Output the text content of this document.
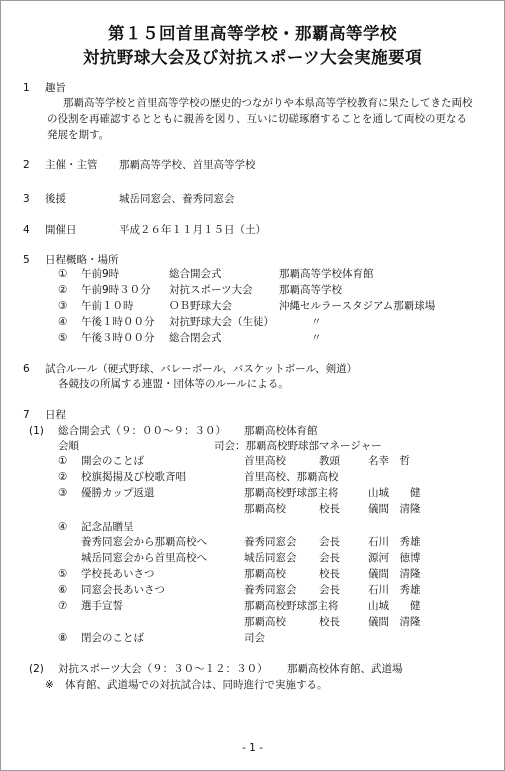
第１５回首里高等学校・那覇高等学校
対抗野球大会及び対抗スポーツ大会実施要項
1 趣旨
那覇高等学校と首里高等学校の歴史的つながりや本県高等学校教育に果たしてきた両校
の役割を再確認するとともに親善を図り、互いに切磋琢磨することを通して両校の更なる
発展を期す。
2 主催・主管 那覇高等学校、首里高等学校
3 後援	城岳同窓会、養秀同窓会
4 開催日	平成２６年１１月１５日（土）
5 日程概略・場所
① 午前9時	総合開会式	那覇高等学校体育館
② 午前9時３０分 対抗スポーツ大会	那覇高等学校
③ 午前１０時	ＯＢ野球大会	沖縄セルラースタジアム那覇球場
④ 午後１時００分 対抗野球大会（生徒）	〃
⑤ 午後３時００分 総合閉会式	〃
6 試合ルール（硬式野球、バレーボール、バスケットボール、剣道）
各競技の所属する連盟・団体等のルールによる。
7 日程
(1) 総合開会式（９：００～９：３０） 那覇高校体育館
会順	司会：那覇高校野球部マネージャー
① 開会のことば	首里高校	教頭	名幸　哲
② 校旗掲揚及び校歌斉唱	首里高校、那覇高校
③ 優勝カップ返還	那覇高校野球部主将	山城　　健
那覇高校	校長	儀間　清隆
④ 記念品贈呈
養秀同窓会から那覇高校へ	養秀同窓会 会長	石川　秀雄
城岳同窓会から首里高校へ	城岳同窓会 会長	源河　徳博
⑤ 学校長あいさつ	那覇高校	校長	儀間　清隆
⑥ 同窓会長あいさつ	養秀同窓会 会長	石川　秀雄
⑦ 選手宣誓	那覇高校野球部主将	山城　　健
那覇高校	校長	儀間　清隆
⑧ 閉会のことば	司会
(2) 対抗スポーツ大会（９：３０～１２：３０） 那覇高校体育館、武道場
※ 体育館、武道場での対抗試合は、同時進行で実施する。
- 1 -
